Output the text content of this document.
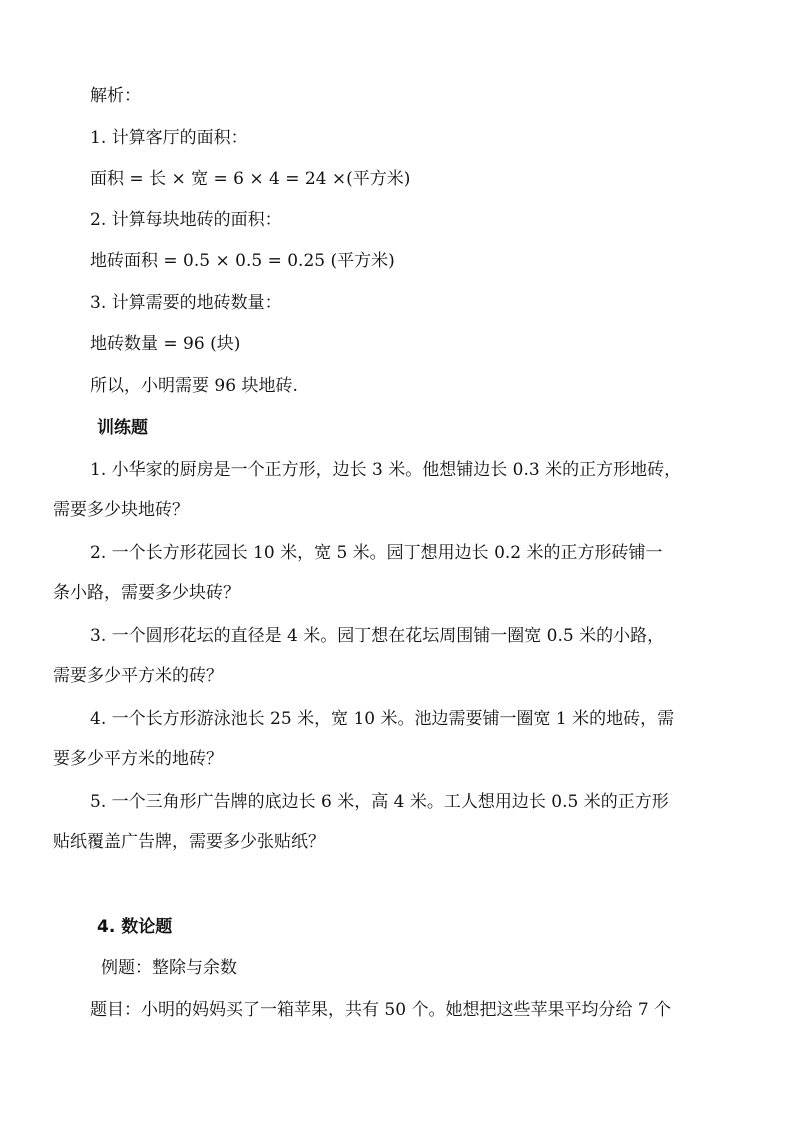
解析：
1. 计算客厅的面积：
面积 = 长 × 宽 = 6 × 4 = 24 ×(平方米)
2. 计算每块地砖的面积：
地砖面积 = 0.5 × 0.5 = 0.25 (平方米)
3. 计算需要的地砖数量：
地砖数量 = 96 (块)
所以，小明需要 96 块地砖.
训练题
1. 小华家的厨房是一个正方形，边长 3 米。他想铺边长 0.3 米的正方形地砖，
需要多少块地砖？
2. 一个长方形花园长 10 米，宽 5 米。园丁想用边长 0.2 米的正方形砖铺一
条小路，需要多少块砖？
3. 一个圆形花坛的直径是 4 米。园丁想在花坛周围铺一圈宽 0.5 米的小路，
需要多少平方米的砖？
4. 一个长方形游泳池长 25 米，宽 10 米。池边需要铺一圈宽 1 米的地砖，需
要多少平方米的地砖？
5. 一个三角形广告牌的底边长 6 米，高 4 米。工人想用边长 0.5 米的正方形
贴纸覆盖广告牌，需要多少张贴纸？
4. 数论题
例题：整除与余数
题目：小明的妈妈买了一箱苹果，共有 50 个。她想把这些苹果平均分给 7 个
